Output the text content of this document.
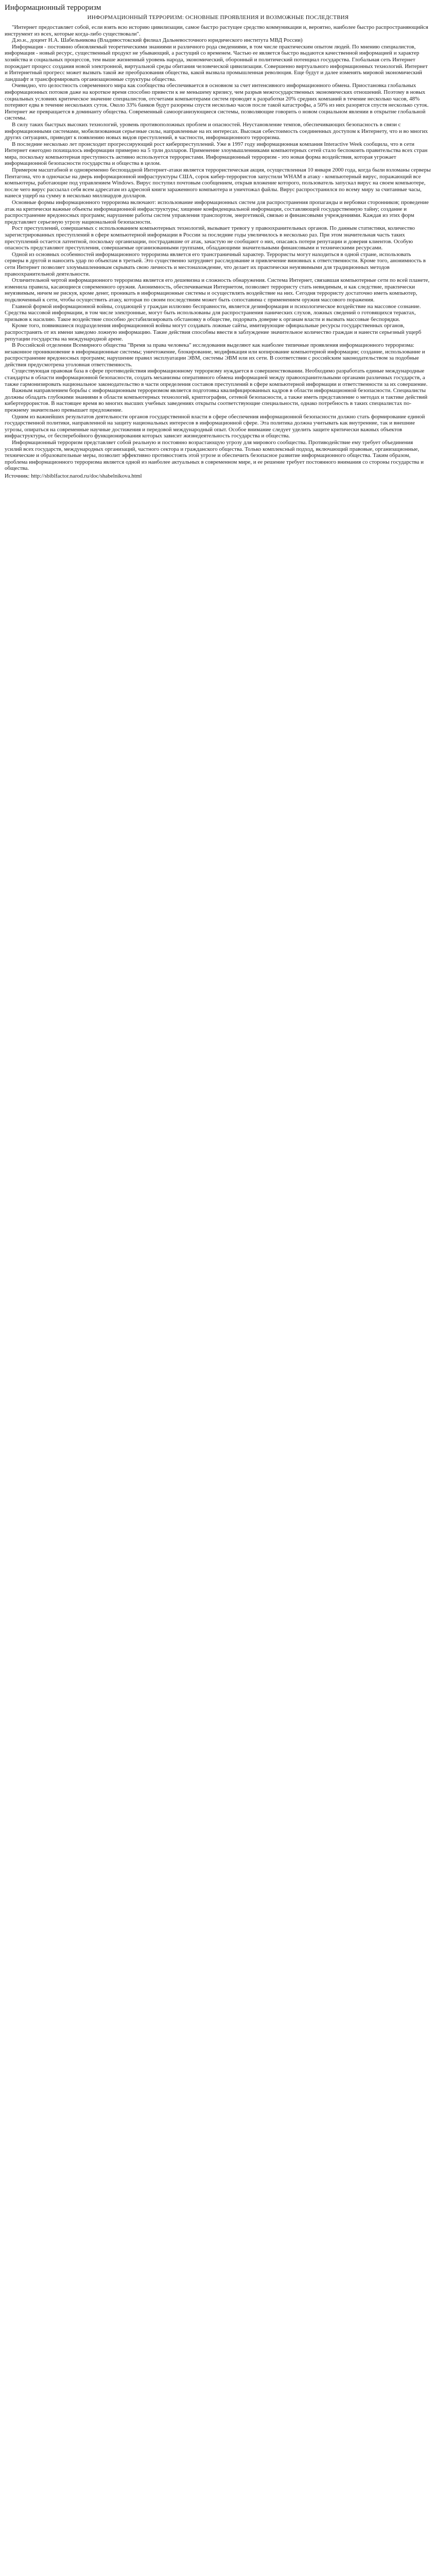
Информационный терроризм
ИНФОРМАЦИОННЫЙ ТЕРРОРИЗМ: ОСНОВНЫЕ ПРОЯВЛЕНИЯ И ВОЗМОЖНЫЕ ПОСЛЕДСТВИЯ

"Интернет предоставляет собой, если взять всю историю цивилизации, самое быстро растущее средство коммуникации и, вероятно, наиболее быстро распространяющийся инструмент из всех, которые когда-либо существовали".

Д.ю.н., доцент Н.А. Шабельникова (Владивостокский филиал Дальневосточного юридического института МВД России)

Информация - постоянно обновляемый теоретическими знаниями и различного рода сведениями, в том числе практическим опытом людей. По мнению специалистов, информация - новый ресурс, существенный продукт не убывающий, а растущий со временем. Частью ее является быстро выдаются качественной информацией и характер хозяйства и социальных процессов, тем выше жизненный уровень народа, экономический, оборонный и политический потенциал государства. Глобальная сеть Интернет порождает процесс создания новой электронной, виртуальной среды обитания человеческой цивилизации. Совершенно виртуального информационных технологий. Интернет и Интернетный прогресс может вызвать такой же преобразования общества, какой вызвала промышленная революция. Еще будут и далее изменять мировой экономический ландшафт и трансформировать организационные структуры общества.

Очевидно, что целостность современного мира как сообщества обеспечивается в основном за счет интенсивного информационного обмена. Приостановка глобальных информационных потоков даже на короткое время способно привести к не меньшему кризису, чем разрыв межгосударственных экономических отношений. Поэтому в новых социальных условиях критическое значение специалистов, отсчетами компьютерами систем проводят к разработки 20% средних компаний в течение несколько часов, 48% потеряют едва в течение нескольких суток. Около 33% банков будут разорены спустя несколько часов после такой катастрофы, а 50% из них разорятся спустя несколько суток. Интернет же превращается в доминанту общества. Современный самоорганизующиеся системы, позволяющие говорить о новом социальном явлении в открытие глобальной системы.

В силу таких быстрых высоких технологий, уровень противоположных проблем и опасностей. Неустановление темпов, обеспечивающих безопасность в связи с информационными системами, мобилизованная серьезные силы, направленные на их интересах. Высокая себестоимость соединенных доступом к Интернету, что и во многих других ситуациях, приводят к появлению новых видов преступлений, в частности, информационного терроризма.

В последние несколько лет происходит прогрессирующий рост киберпреступлений. Уже в 1997 году информационная компания Interactive Week сообщила, что в сети Интернет ежегодно похищалось информации примерно на 5 трлн долларов. Применение злоумышленниками компьютерных сетей стало беспокоить правительства всех стран мира, поскольку компьютерная преступность активно используется террористами. Информационный терроризм - это новая форма воздействия, которая угрожает информационной безопасности государства и общества в целом.

Примером масштабной и одновременно беспощадной Интернет-атаки является террористическая акция, осуществленная 10 января 2000 года, когда были взломаны серверы Пентагона, что в одночасье на дверь информационной инфраструктуры США, сорок кибер-террористов запустили WHAM в атаку - компьютерный вирус, поражающий все компьютеры, работающие под управлением Windows. Вирус поступил почтовым сообщением, открыв вложение которого, пользователь запускал вирус на своем компьютере, после чего вирус рассылал себя всем адресатам из адресной книги зараженного компьютера и уничтожал файлы. Вирус распространился по всему миру за считанные часы, нанеся ущерб на сумму в несколько миллиардов долларов.

Основные формы информационного терроризма включают: использование информационных систем для распространения пропаганды и вербовки сторонников; проведение атак на критически важные объекты информационной инфраструктуры; хищение конфиденциальной информации, составляющей государственную тайну; создание и распространение вредоносных программ; нарушение работы систем управления транспортом, энергетикой, связью и финансовыми учреждениями. Каждая из этих форм представляет серьезную угрозу национальной безопасности.

Рост преступлений, совершаемых с использованием компьютерных технологий, вызывает тревогу у правоохранительных органов. По данным статистики, количество зарегистрированных преступлений в сфере компьютерной информации в России за последние годы увеличилось в несколько раз. При этом значительная часть таких преступлений остается латентной, поскольку организации, пострадавшие от атак, зачастую не сообщают о них, опасаясь потери репутации и доверия клиентов. Особую опасность представляют преступления, совершаемые организованными группами, обладающими значительными финансовыми и техническими ресурсами.

Одной из основных особенностей информационного терроризма является его трансграничный характер. Террористы могут находиться в одной стране, использовать серверы в другой и наносить удар по объектам в третьей. Это существенно затрудняет расследование и привлечение виновных к ответственности. Кроме того, анонимность в сети Интернет позволяет злоумышленникам скрывать свою личность и местонахождение, что делает их практически неуязвимыми для традиционных методов правоохранительной деятельности.

Отличительной чертой информационного терроризма является его дешевизна и сложность обнаружения. Система Интернет, связавшая компьютерные сети по всей планете, изменила правила, касающиеся современного оружия. Анонимность, обеспечиваемая Интернетом, позволяет террористу стать невидимым, и как следствие, практически неуязвимым, ничем не рискуя, кроме денег, проникать в информационные системы и осуществлять воздействие на них. Сегодня террористу достаточно иметь компьютер, подключенный к сети, чтобы осуществить атаку, которая по своим последствиям может быть сопоставима с применением оружия массового поражения.

Главной формой информационной войны, создающей у граждан иллюзию бесправности, является дезинформация и психологическое воздействие на массовое сознание. Средства массовой информации, в том числе электронные, могут быть использованы для распространения панических слухов, ложных сведений о готовящихся терактах, призывов к насилию. Такое воздействие способно дестабилизировать обстановку в обществе, подорвать доверие к органам власти и вызвать массовые беспорядки.

Кроме того, появившиеся подразделения информационной войны могут создавать ложные сайты, имитирующие официальные ресурсы государственных органов, распространять от их имени заведомо ложную информацию. Такие действия способны ввести в заблуждение значительное количество граждан и нанести серьезный ущерб репутации государства на международной арене.

В Российской отделении Всемирного общества "Время за права человека" исследования выделяют как наиболее типичные проявления информационного терроризма: незаконное проникновение в информационные системы; уничтожение, блокирование, модификация или копирование компьютерной информации; создание, использование и распространение вредоносных программ; нарушение правил эксплуатации ЭВМ, системы ЭВМ или их сети. В соответствии с российским законодательством за подобные действия предусмотрена уголовная ответственность.

Существующая правовая база в сфере противодействия информационному терроризму нуждается в совершенствовании. Необходимо разработать единые международные стандарты в области информационной безопасности, создать механизмы оперативного обмена информацией между правоохранительными органами различных государств, а также гармонизировать национальное законодательство в части определения составов преступлений в сфере компьютерной информации и ответственности за их совершение.

Важным направлением борьбы с информационным терроризмом является подготовка квалифицированных кадров в области информационной безопасности. Специалисты должны обладать глубокими знаниями в области компьютерных технологий, криптографии, сетевой безопасности, а также иметь представление о методах и тактике действий кибертеррористов. В настоящее время во многих высших учебных заведениях открыты соответствующие специальности, однако потребность в таких специалистах по-прежнему значительно превышает предложение.

Одним из важнейших результатов деятельности органов государственной власти в сфере обеспечения информационной безопасности должно стать формирование единой государственной политики, направленной на защиту национальных интересов в информационной сфере. Эта политика должна учитывать как внутренние, так и внешние угрозы, опираться на современные научные достижения и передовой международный опыт. Особое внимание следует уделить защите критически важных объектов инфраструктуры, от бесперебойного функционирования которых зависит жизнедеятельность государства и общества.

Информационный терроризм представляет собой реальную и постоянно возрастающую угрозу для мирового сообщества. Противодействие ему требует объединения усилий всех государств, международных организаций, частного сектора и гражданского общества. Только комплексный подход, включающий правовые, организационные, технические и образовательные меры, позволит эффективно противостоять этой угрозе и обеспечить безопасное развитие информационного общества. Таким образом, проблема информационного терроризма является одной из наиболее актуальных в современном мире, и ее решение требует постоянного внимания со стороны государства и общества.

Источник: http://sbiblfactor.narod.ru/doc/shabelnikova.html
